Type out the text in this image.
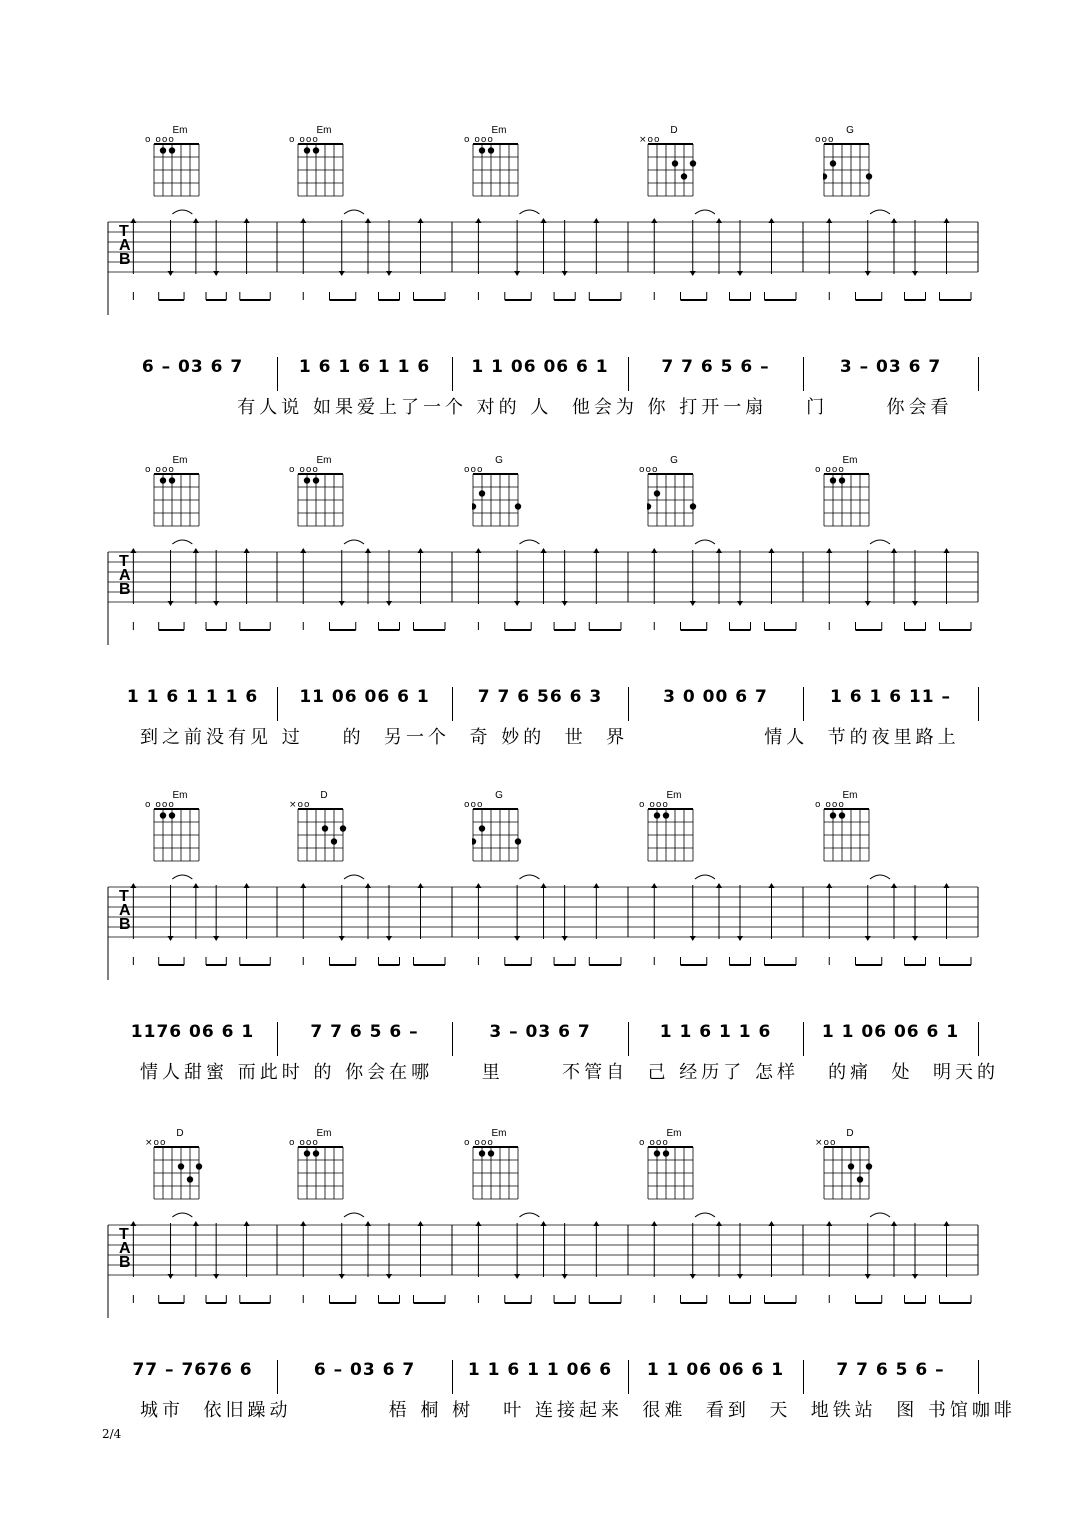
Em
o ooo
Em
o ooo
Em
o ooo
D
×oo
G
ooo
T
A
B
6 – 03 6 7	1 6 1 6 1 1 6	1 1 06 06 6 1	7 7 6 5 6 –	3 – 03 6 7
有人说 如果爱上了一个 对的 人  他会为 你 打开一扇    门      你会看
Em
o ooo
Em
o ooo
G
ooo
G
ooo
Em
o ooo
T
A
B
1 1 6 1 1 1 6	11 06 06 6 1	7 7 6 56 6 3	3 0 00 6 7	1 6 1 6 11 –
到之前没有见 过    的  另一个  奇 妙的  世  界              情人  节的夜里路上
Em
o ooo
D
×oo
G
ooo
Em
o ooo
Em
o ooo
T
A
B
1176 06 6 1	7 7 6 5 6 –	3 – 03 6 7	1 1 6 1 1 6	1 1 06 06 6 1
情人甜蜜 而此时 的 你会在哪     里      不管自  己 经历了 怎样   的痛  处  明天的
D
×oo
Em
o ooo
Em
o ooo
Em
o ooo
D
×oo
T
A
B
77 – 7676 6	6 – 03 6 7	1 1 6 1 1 06 6	1 1 06 06 6 1	7 7 6 5 6 –
城市  依旧躁动          梧 桐 树   叶 连接起来  很难  看到  天  地铁站  图 书馆咖啡
2/4
